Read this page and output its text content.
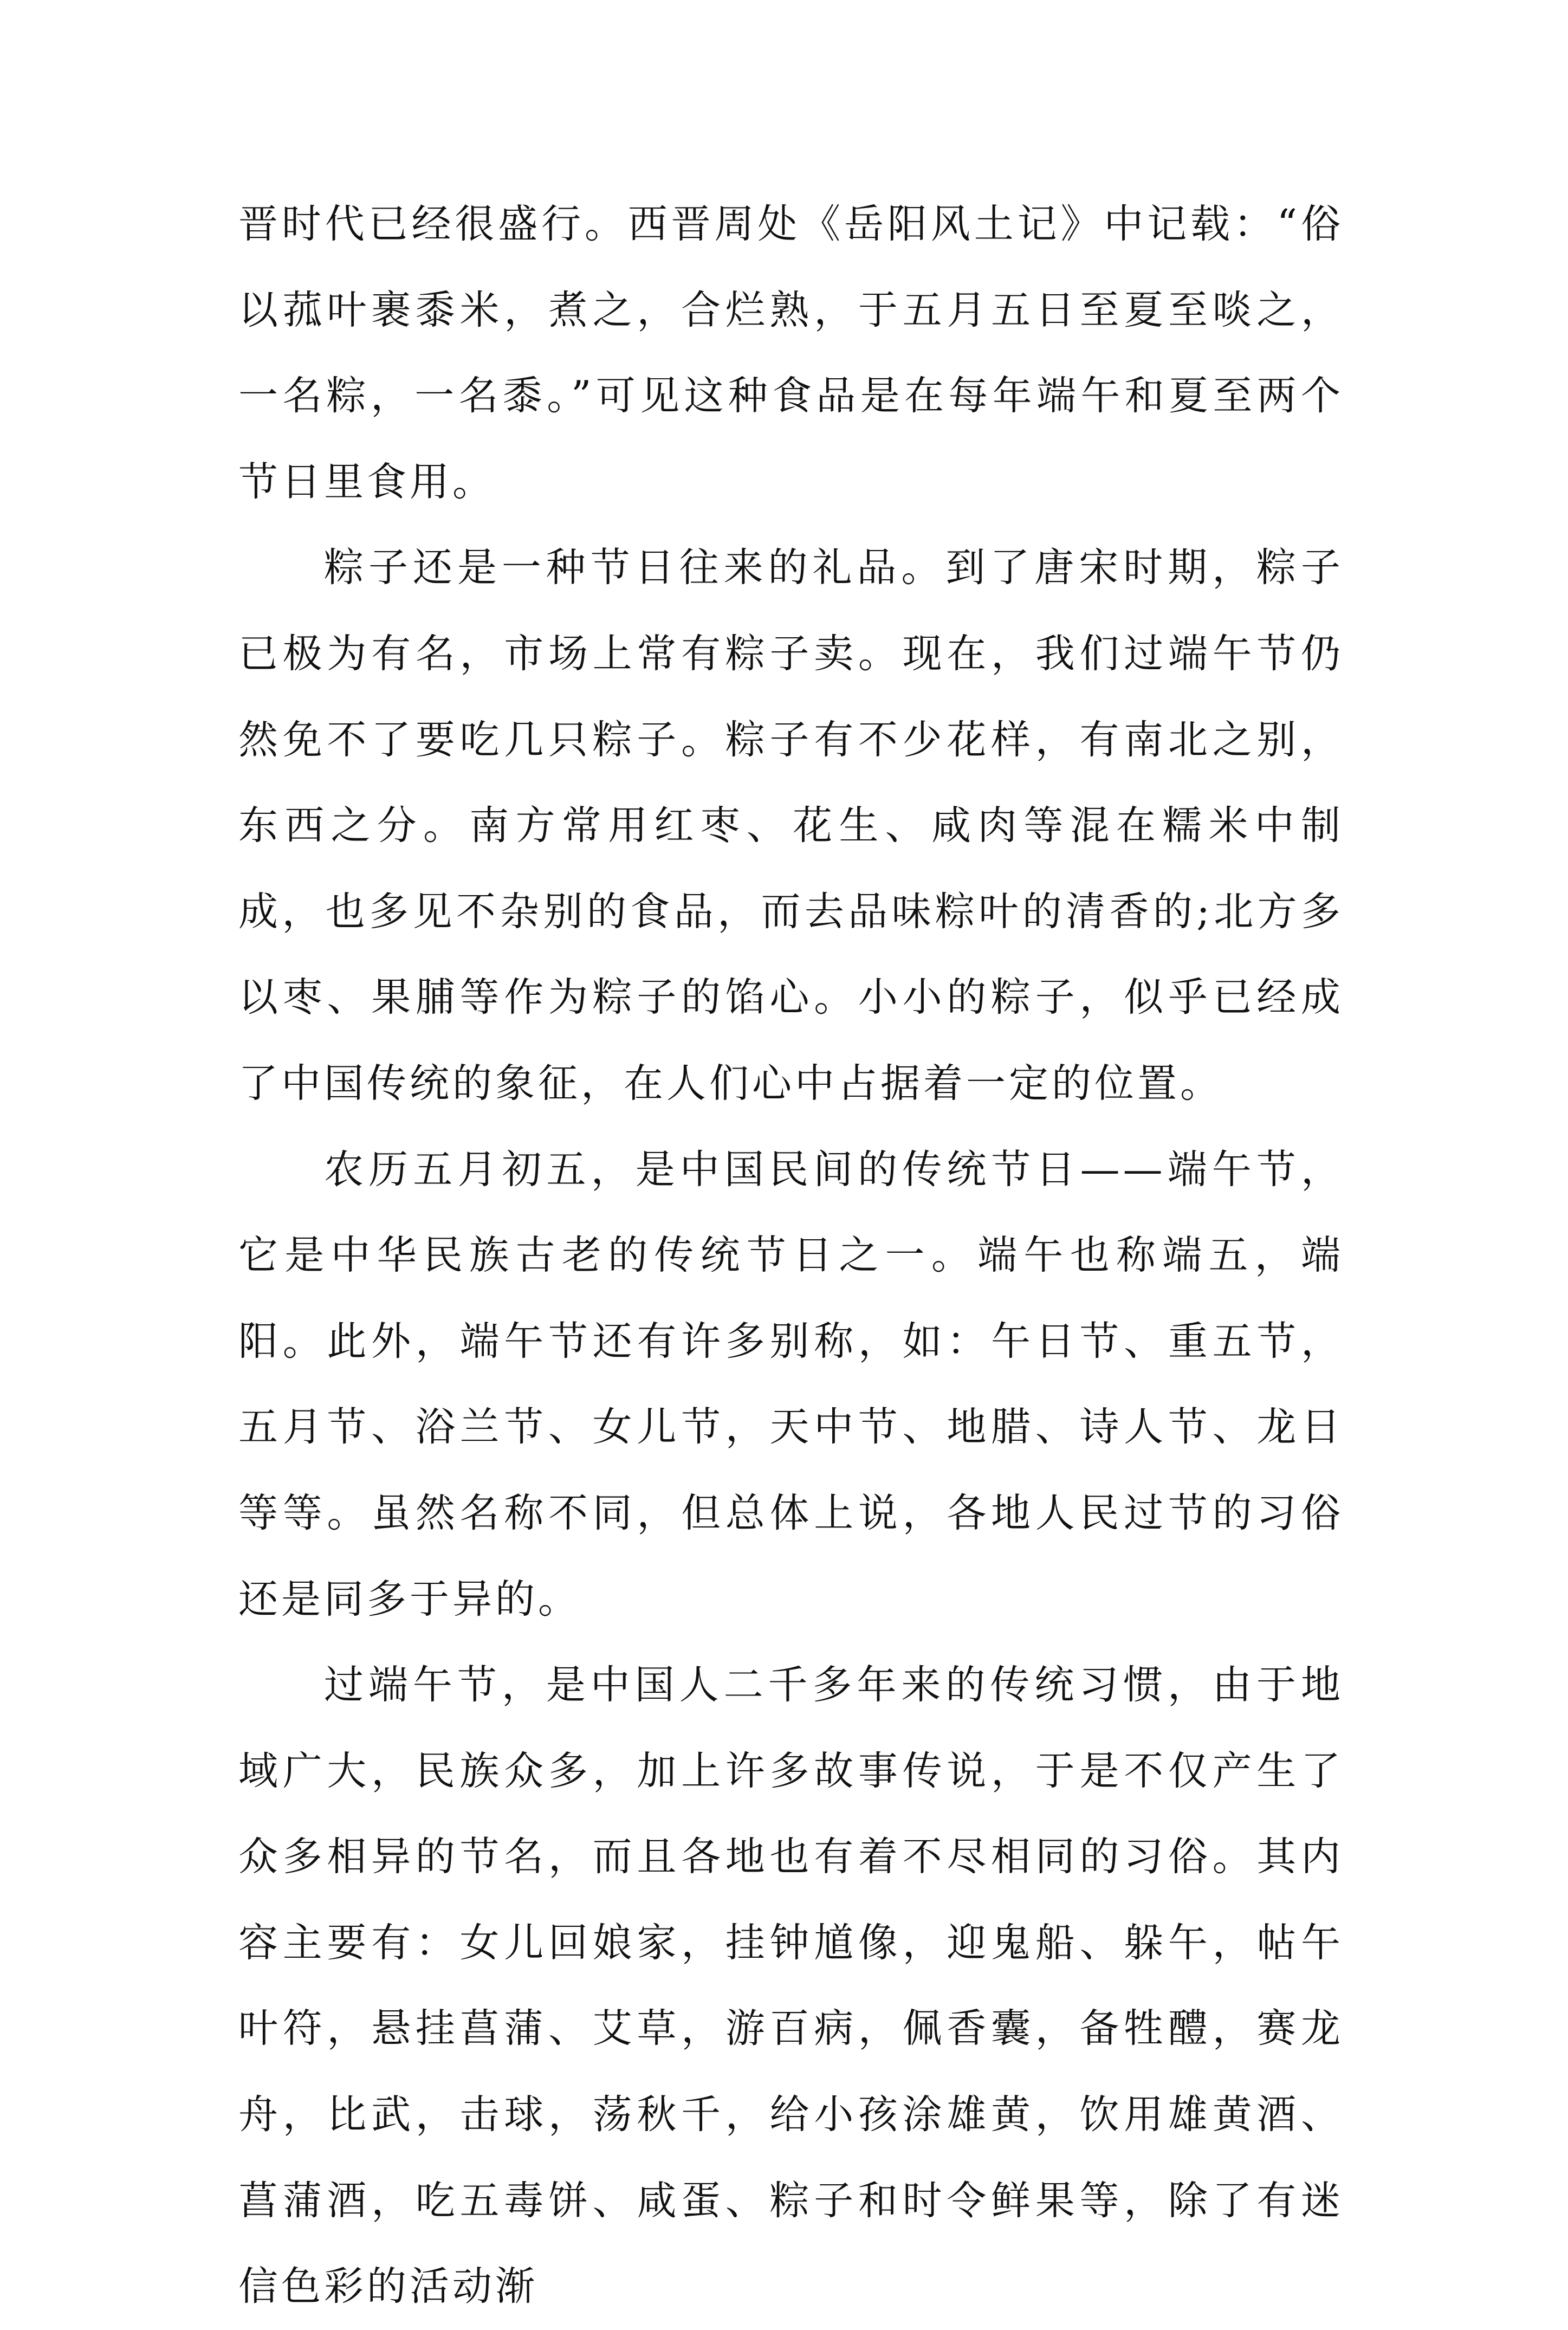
晋时代已经很盛行。西晋周处《岳阳风土记》中记载：“俗以菰叶裹黍米，煮之，合烂熟，于五月五日至夏至啖之，一名粽，一名黍。”可见这种食品是在每年端午和夏至两个节日里食用。

粽子还是一种节日往来的礼品。到了唐宋时期，粽子已极为有名，市场上常有粽子卖。现在，我们过端午节仍然免不了要吃几只粽子。粽子有不少花样，有南北之别，东西之分。南方常用红枣、花生、咸肉等混在糯米中制成，也多见不杂别的食品，而去品味粽叶的清香的;北方多以枣、果脯等作为粽子的馅心。小小的粽子，似乎已经成了中国传统的象征，在人们心中占据着一定的位置。

农历五月初五，是中国民间的传统节日——端午节，它是中华民族古老的传统节日之一。端午也称端五，端阳。此外，端午节还有许多别称，如：午日节、重五节，五月节、浴兰节、女儿节，天中节、地腊、诗人节、龙日等等。虽然名称不同，但总体上说，各地人民过节的习俗还是同多于异的。

过端午节，是中国人二千多年来的传统习惯，由于地域广大，民族众多，加上许多故事传说，于是不仅产生了众多相异的节名，而且各地也有着不尽相同的习俗。其内容主要有：女儿回娘家，挂钟馗像，迎鬼船、躲午，帖午叶符，悬挂菖蒲、艾草，游百病，佩香囊，备牲醴，赛龙舟，比武，击球，荡秋千，给小孩涂雄黄，饮用雄黄酒、菖蒲酒，吃五毒饼、咸蛋、粽子和时令鲜果等，除了有迷信色彩的活动渐
